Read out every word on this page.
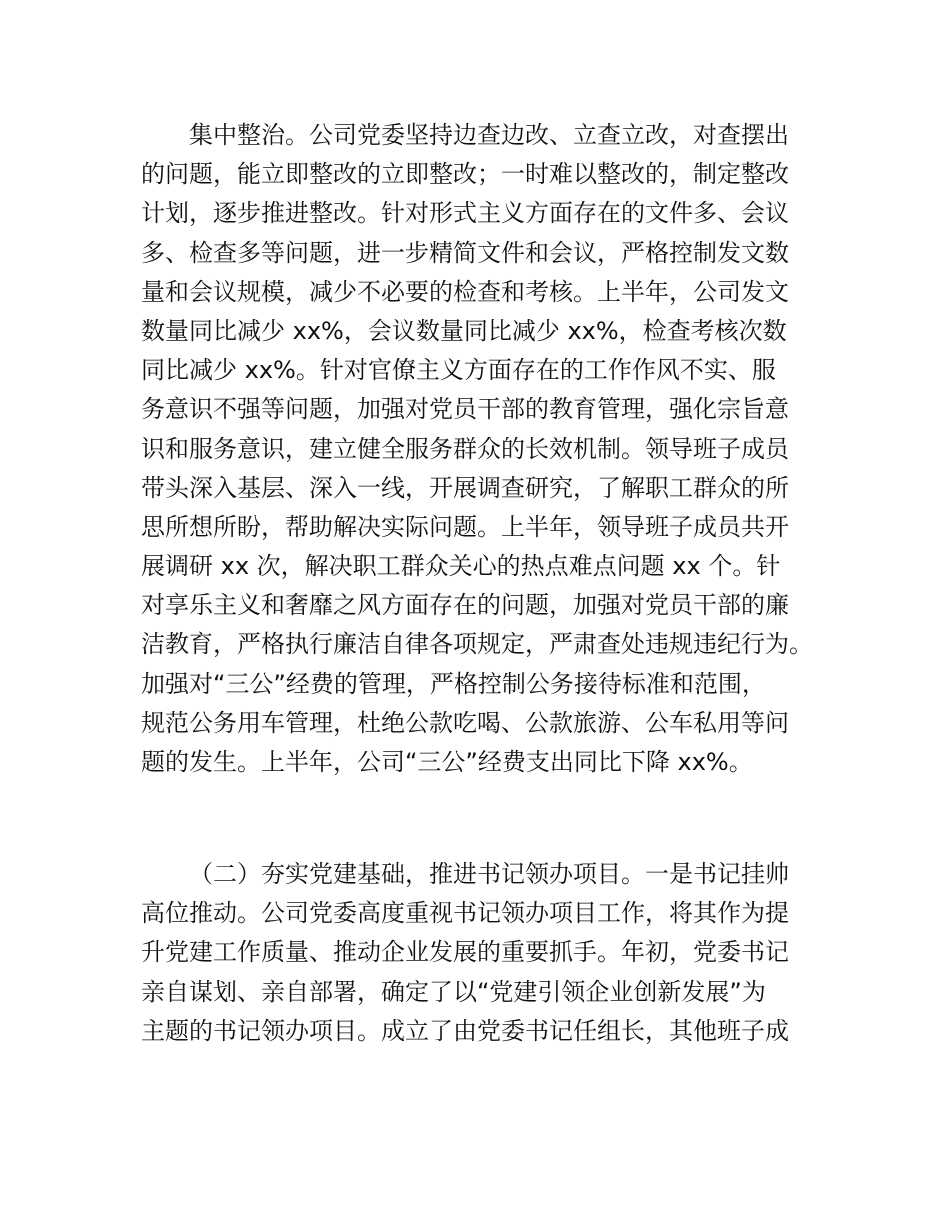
集中整治。公司党委坚持边查边改、立查立改，对查摆出
的问题，能立即整改的立即整改；一时难以整改的，制定整改
计划，逐步推进整改。针对形式主义方面存在的文件多、会议
多、检查多等问题，进一步精简文件和会议，严格控制发文数
量和会议规模，减少不必要的检查和考核。上半年，公司发文
数量同比减少 xx%，会议数量同比减少 xx%，检查考核次数
同比减少 xx%。针对官僚主义方面存在的工作作风不实、服
务意识不强等问题，加强对党员干部的教育管理，强化宗旨意
识和服务意识，建立健全服务群众的长效机制。领导班子成员
带头深入基层、深入一线，开展调查研究，了解职工群众的所
思所想所盼，帮助解决实际问题。上半年，领导班子成员共开
展调研 xx 次，解决职工群众关心的热点难点问题 xx 个。针
对享乐主义和奢靡之风方面存在的问题，加强对党员干部的廉
洁教育，严格执行廉洁自律各项规定，严肃查处违规违纪行为。
加强对“三公”经费的管理，严格控制公务接待标准和范围，
规范公务用车管理，杜绝公款吃喝、公款旅游、公车私用等问
题的发生。上半年，公司“三公”经费支出同比下降 xx%。
（二）夯实党建基础，推进书记领办项目。一是书记挂帅
高位推动。公司党委高度重视书记领办项目工作，将其作为提
升党建工作质量、推动企业发展的重要抓手。年初，党委书记
亲自谋划、亲自部署，确定了以“党建引领企业创新发展”为
主题的书记领办项目。成立了由党委书记任组长，其他班子成
